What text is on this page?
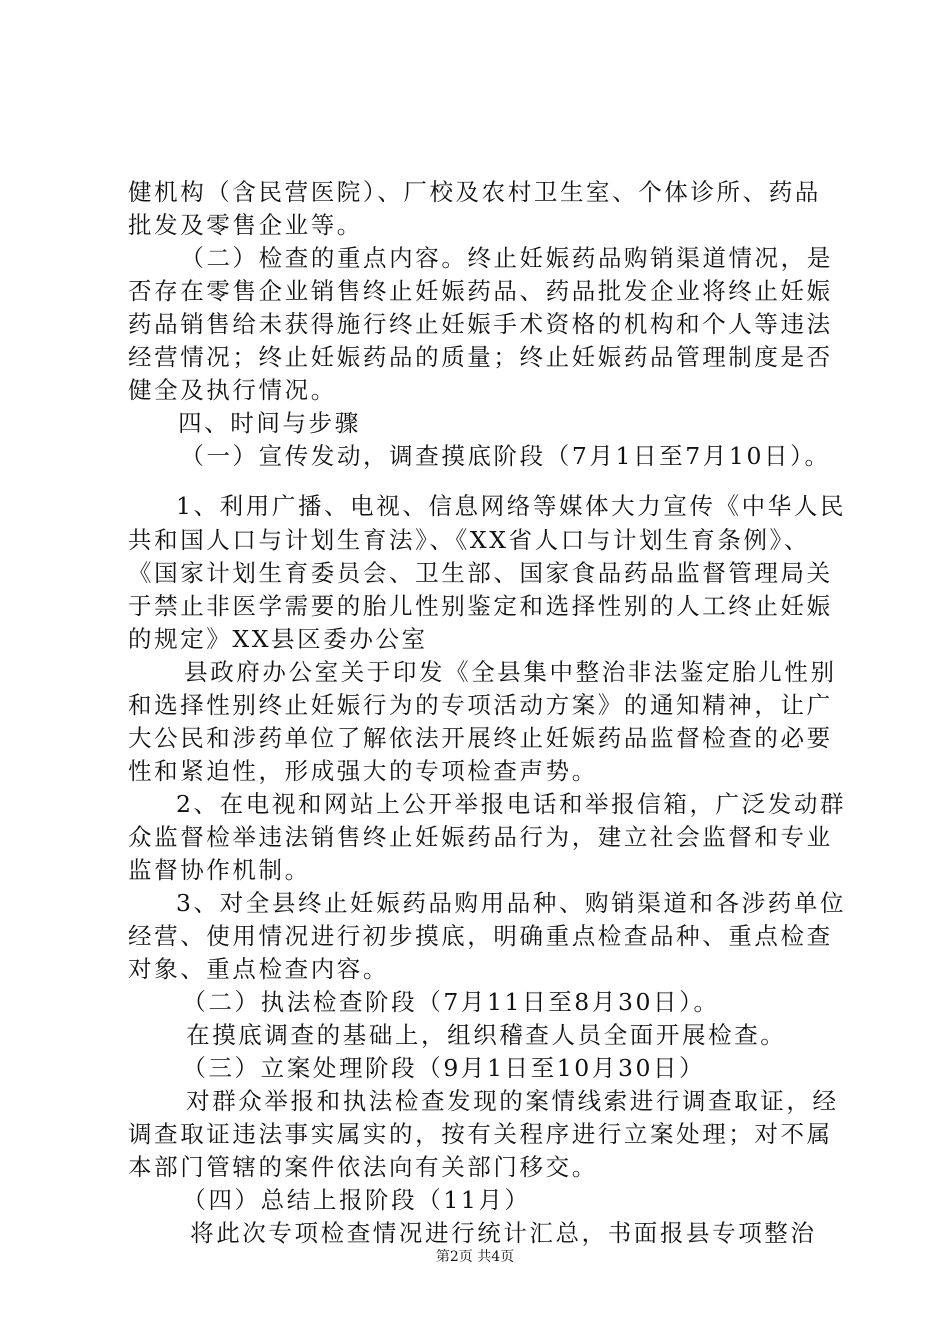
健机构（含民营医院）、厂校及农村卫生室、个体诊所、药品

批发及零售企业等。

　（二）检查的重点内容。终止妊娠药品购销渠道情况，是

否存在零售企业销售终止妊娠药品、药品批发企业将终止妊娠

药品销售给未获得施行终止妊娠手术资格的机构和个人等违法

经营情况；终止妊娠药品的质量；终止妊娠药品管理制度是否

健全及执行情况。

　四、时间与步骤

　（一）宣传发动，调查摸底阶段（7月1日至7月10日）。

1、利用广播、电视、信息网络等媒体大力宣传《中华人民

共和国人口与计划生育法》、《XX省人口与计划生育条例》、

《国家计划生育委员会、卫生部、国家食品药品监督管理局关

于禁止非医学需要的胎儿性别鉴定和选择性别的人工终止妊娠

的规定》XX县区委办公室

　县政府办公室关于印发《全县集中整治非法鉴定胎儿性别

和选择性别终止妊娠行为的专项活动方案》的通知精神，让广

大公民和涉药单位了解依法开展终止妊娠药品监督检查的必要

性和紧迫性，形成强大的专项检查声势。

2、在电视和网站上公开举报电话和举报信箱，广泛发动群

众监督检举违法销售终止妊娠药品行为，建立社会监督和专业

监督协作机制。

3、对全县终止妊娠药品购用品种、购销渠道和各涉药单位

经营、使用情况进行初步摸底，明确重点检查品种、重点检查

对象、重点检查内容。

　（二）执法检查阶段（7月11日至8月30日）。

　在摸底调查的基础上，组织稽查人员全面开展检查。

　（三）立案处理阶段（9月1日至10月30日）

　对群众举报和执法检查发现的案情线索进行调查取证，经

调查取证违法事实属实的，按有关程序进行立案处理；对不属

本部门管辖的案件依法向有关部门移交。

　（四）总结上报阶段（11月）

　将此次专项检查情况进行统计汇总，书面报县专项整治

第2页 共4页
